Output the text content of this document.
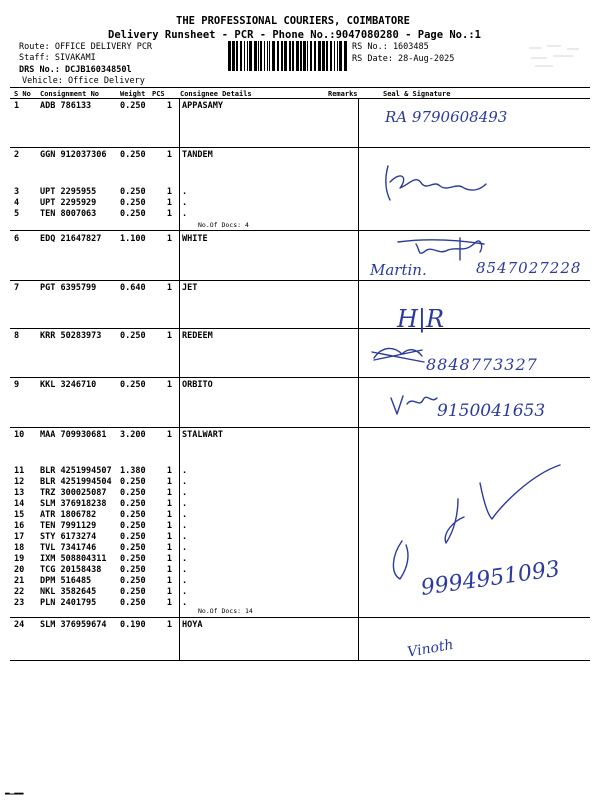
THE PROFESSIONAL COURIERS, COIMBATORE
Delivery Runsheet - PCR - Phone No.:9047080280 - Page No.:1
Route: OFFICE DELIVERY PCR
Staff: SIVAKAMI
DRS No.: DCJB16034850l
Vehicle: Office Delivery
RS No.: 1603485
RS Date: 28-Aug-2025
S No Consignment No	Weight PCS Consignee Details	Remarks	Seal & Signature
1 ADB 786133	0.250	1 APPASAMY
2 GGN 912037306 0.250	1 TANDEM
3 UPT 2295955	0.250	1 .
4 UPT 2295929	0.250	1 .
5 TEN 8007063	0.250	1 .
6 EDQ 21647827 1.100	1 WHITE
7 PGT 6395799	0.640	1 JET
8 KRR 50283973 0.250	1 REDEEM
9 KKL 3246710	0.250	1 ORBITO
10 MAA 709930681 3.200	1 STALWART
11 BLR 4251994507 1.380	1 .
12 BLR 4251994504 0.250	1 .
13 TRZ 300025087 0.250	1 .
14 SLM 376918238 0.250	1 .
15 ATR 1806782	0.250	1 .
16 TEN 7991129	0.250	1 .
17 STY 6173274	0.250	1 .
18 TVL 7341746	0.250	1 .
19 IXM 508804311 0.250	1 .
20 TCG 20158438 0.250	1 .
21 DPM 516485	0.250	1 .
22 NKL 3582645	0.250	1 .
23 PLN 2401795	0.250	1 .
24 SLM 376959674 0.190	1 HOYA
No.Of Docs: 4
No.Of Docs: 14
RA 9790608493
Martin.	8547027228
H|R
8848773327
9150041653
9994951093
Vinoth
▂▁▂▂
